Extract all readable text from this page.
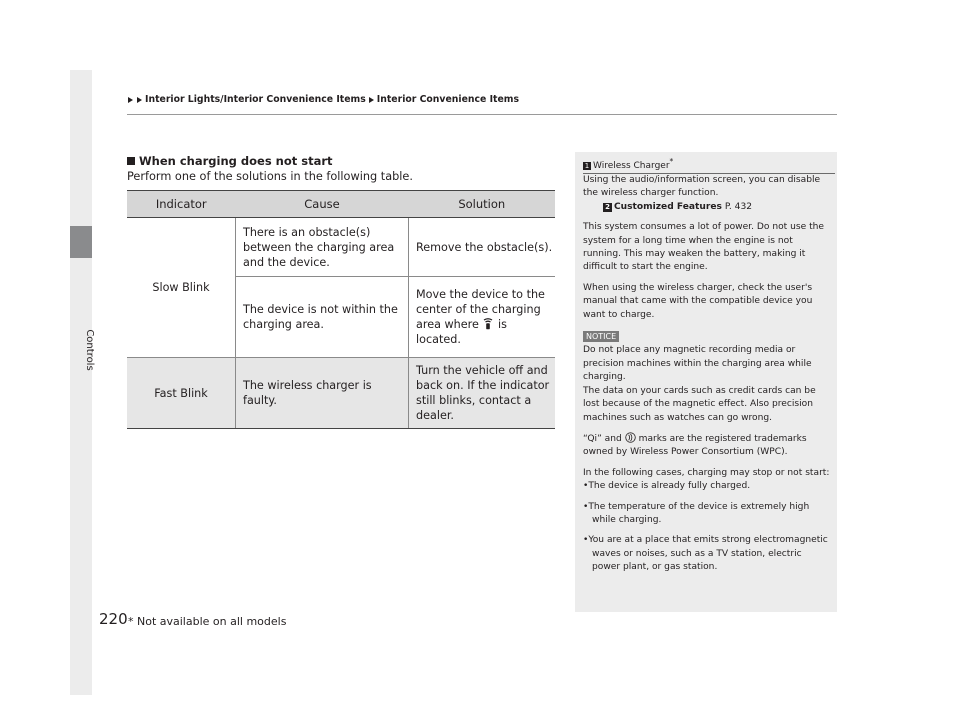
Controls
Interior Lights/Interior Convenience Items Interior Convenience Items
When charging does not start
Perform one of the solutions in the following table.
Indicator	Cause	Solution
Slow Blink	There is an obstacle(s) between the charging area and the device.	Remove the obstacle(s).
	The device is not within the charging area.	Move the device to the center of the charging area where is located.
Fast Blink	The wireless charger is faulty.	Turn the vehicle off and back on. If the indicator still blinks, contact a dealer.
1 Wireless Charger*

Using the audio/information screen, you can disable the wireless charger function.
2 Customized Features P. 432

This system consumes a lot of power. Do not use the system for a long time when the engine is not running. This may weaken the battery, making it difficult to start the engine.

When using the wireless charger, check the user's manual that came with the compatible device you want to charge.

NOTICE

Do not place any magnetic recording media or precision machines within the charging area while charging.

The data on your cards such as credit cards can be lost because of the magnetic effect. Also precision machines such as watches can go wrong.

“Qi” and marks are the registered trademarks owned by Wireless Power Consortium (WPC).

In the following cases, charging may stop or not start:

•The device is already fully charged.

•The temperature of the device is extremely high while charging.

•You are at a place that emits strong electromagnetic waves or noises, such as a TV station, electric power plant, or gas station.

220 * Not available on all models
